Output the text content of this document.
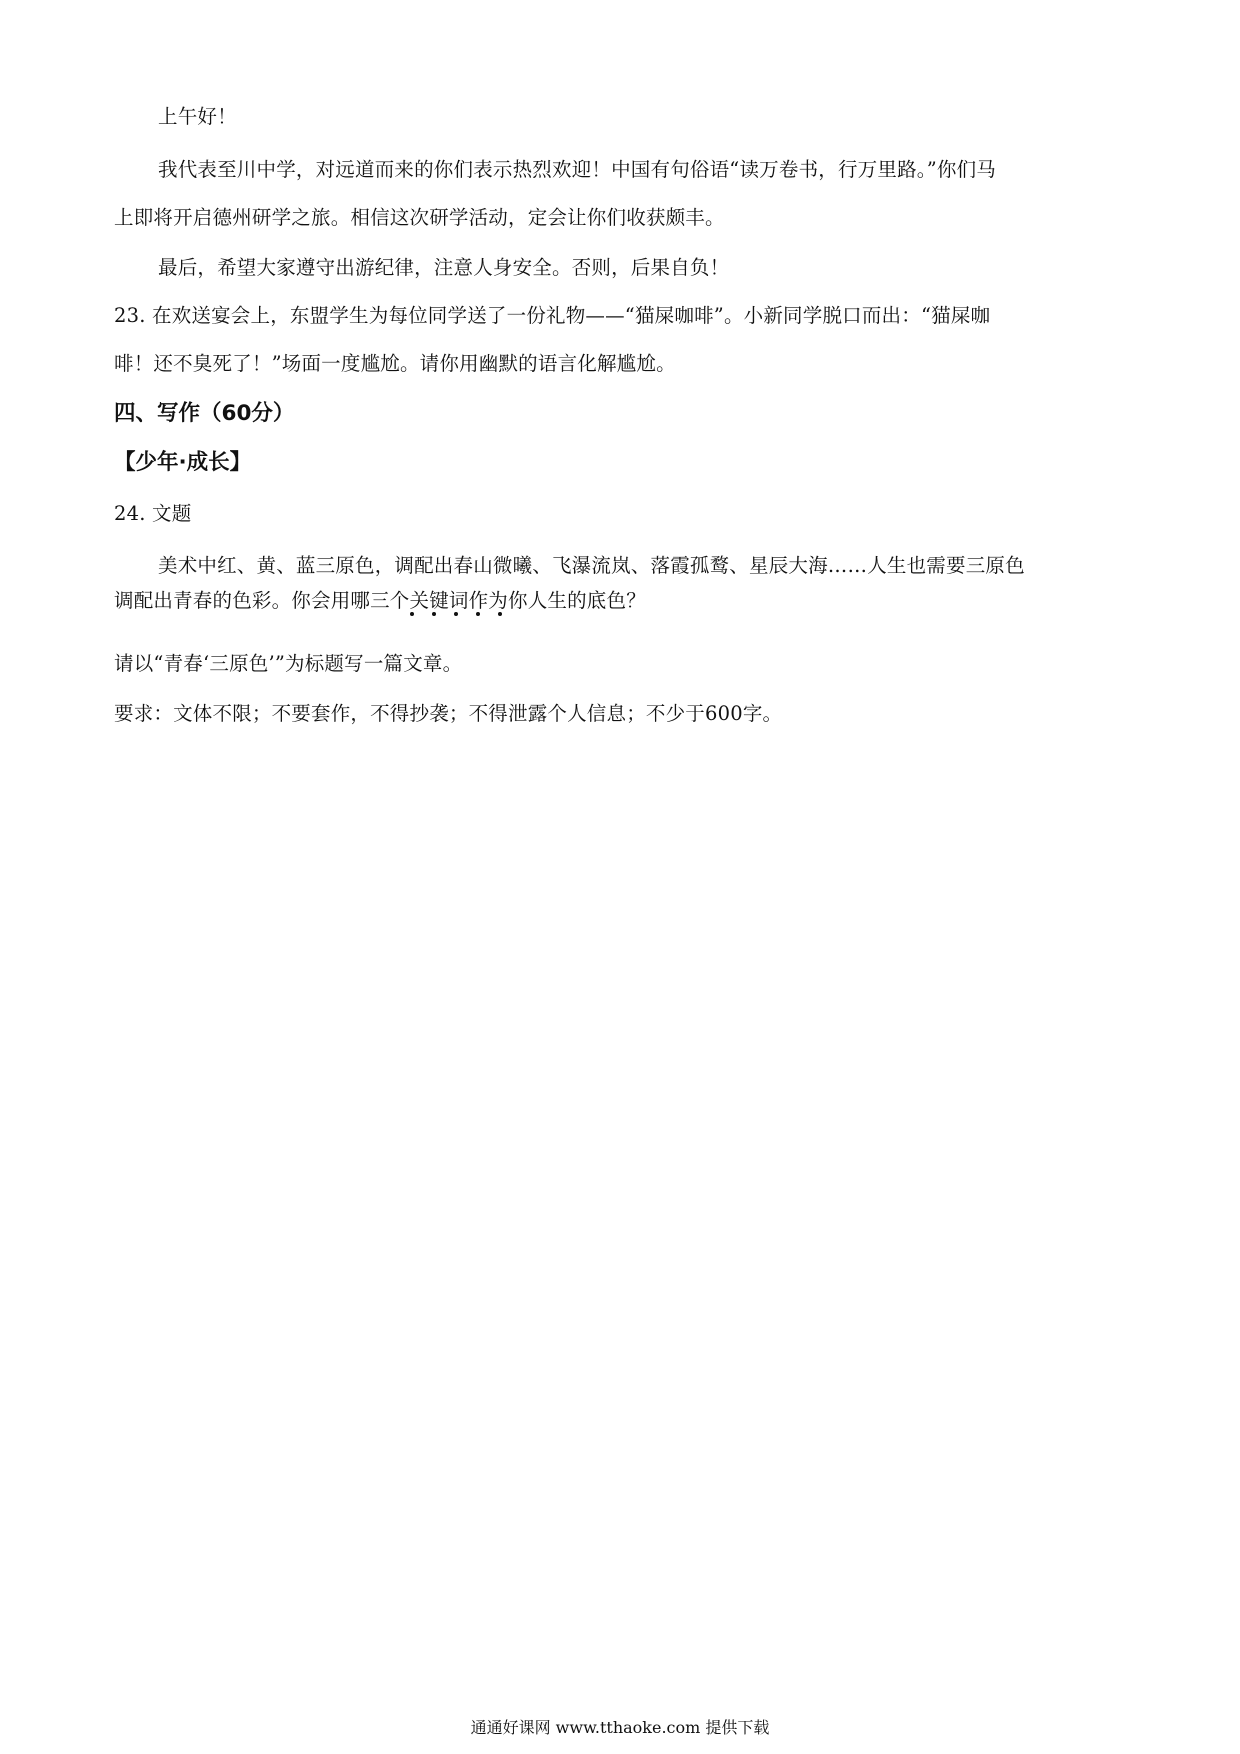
上午好！
我代表至川中学，对远道而来的你们表示热烈欢迎！中国有句俗语“读万卷书，行万里路。”你们马
上即将开启德州研学之旅。相信这次研学活动，定会让你们收获颇丰。
最后，希望大家遵守出游纪律，注意人身安全。否则，后果自负！
23. 在欢送宴会上，东盟学生为每位同学送了一份礼物——“猫屎咖啡”。小新同学脱口而出：“猫屎咖
啡！还不臭死了！”场面一度尴尬。请你用幽默的语言化解尴尬。
四、写作（60分）
【少年·成长】
24. 文题
美术中红、黄、蓝三原色，调配出春山微曦、飞瀑流岚、落霞孤鹜、星辰大海……人生也需要三原色
调配出青春的色彩。你会用哪三个关键词作为你人生的底色？
请以“青春‘三原色’”为标题写一篇文章。
要求：文体不限；不要套作，不得抄袭；不得泄露个人信息；不少于600字。
通通好课网 www.tthaoke.com 提供下载
